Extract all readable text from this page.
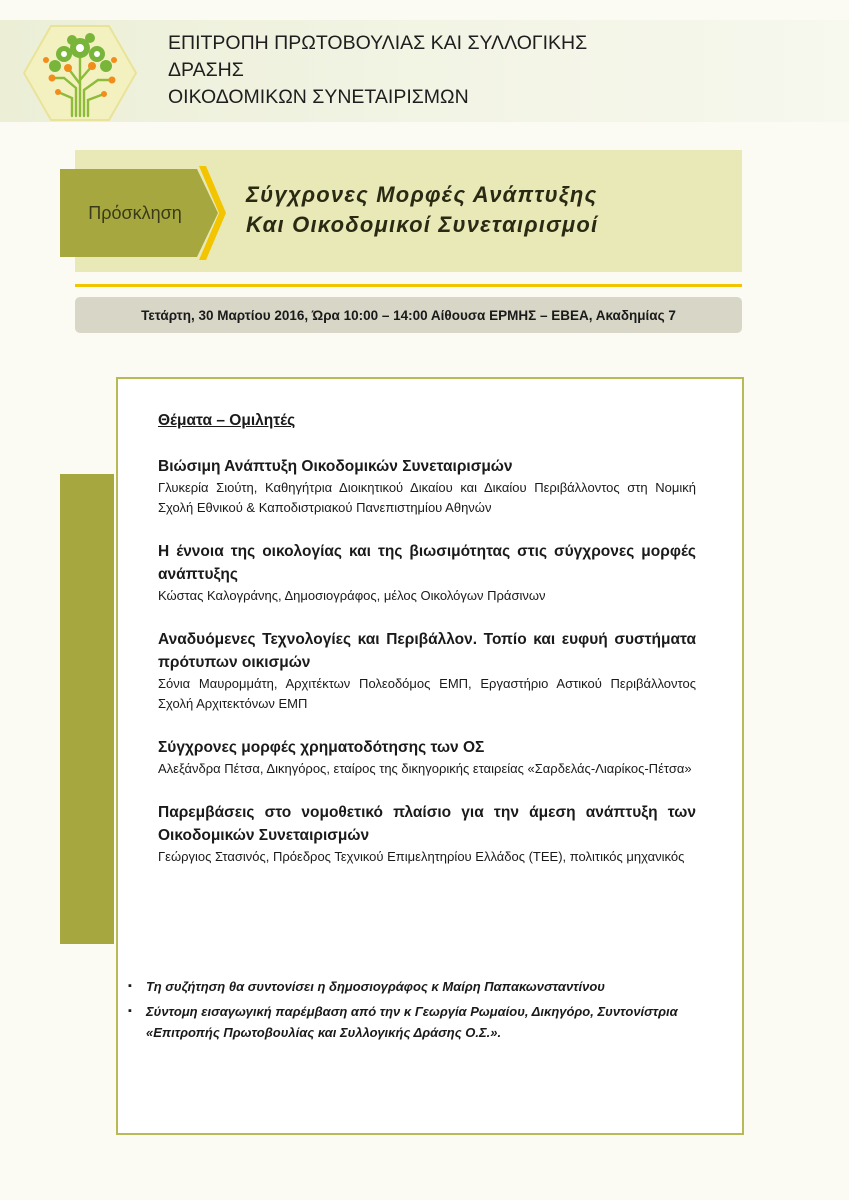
ΕΠΙΤΡΟΠΗ ΠΡΩΤΟΒΟΥΛΙΑΣ ΚΑΙ ΣΥΛΛΟΓΙΚΗΣ
ΔΡΑΣΗΣ
ΟΙΚΟΔΟΜΙΚΩΝ ΣΥΝΕΤΑΙΡΙΣΜΩΝ
Πρόσκληση
Σύγχρονες Μορφές Ανάπτυξης
Και Οικοδομικοί Συνεταιρισμοί
Τετάρτη, 30 Μαρτίου 2016, Ώρα 10:00 – 14:00 Αίθουσα ΕΡΜΗΣ – ΕΒΕΑ, Ακαδημίας 7
Θέματα – Ομιλητές
Βιώσιμη Ανάπτυξη Οικοδομικών Συνεταιρισμών
Γλυκερία Σιούτη, Καθηγήτρια Διοικητικού Δικαίου και Δικαίου Περιβάλλοντος στη Νομική Σχολή Εθνικού & Καποδιστριακού Πανεπιστημίου Αθηνών
Η έννοια της οικολογίας και της βιωσιμότητας στις σύγχρονες μορφές ανάπτυξης
Κώστας Καλογράνης, Δημοσιογράφος, μέλος Οικολόγων Πράσινων
Αναδυόμενες Τεχνολογίες και Περιβάλλον. Τοπίο και ευφυή συστήματα πρότυπων οικισμών
Σόνια Μαυρομμάτη, Αρχιτέκτων Πολεοδόμος ΕΜΠ, Εργαστήριο Αστικού Περιβάλλοντος Σχολή Αρχιτεκτόνων ΕΜΠ
Σύγχρονες μορφές χρηματοδότησης των ΟΣ
Αλεξάνδρα Πέτσα, Δικηγόρος, εταίρος της δικηγορικής εταιρείας «Σαρδελάς-Λιαρίκος-Πέτσα»
Παρεμβάσεις στο νομοθετικό πλαίσιο για την άμεση ανάπτυξη των Οικοδομικών Συνεταιρισμών
Γεώργιος Στασινός, Πρόεδρος Τεχνικού Επιμελητηρίου Ελλάδος (ΤΕΕ), πολιτικός μηχανικός
▪ Τη συζήτηση θα συντονίσει η δημοσιογράφος κ Μαίρη Παπακωνσταντίνου
▪ Σύντομη εισαγωγική παρέμβαση από την κ Γεωργία Ρωμαίου, Δικηγόρο, Συντονίστρια «Επιτροπής Πρωτοβουλίας και Συλλογικής Δράσης Ο.Σ.».
